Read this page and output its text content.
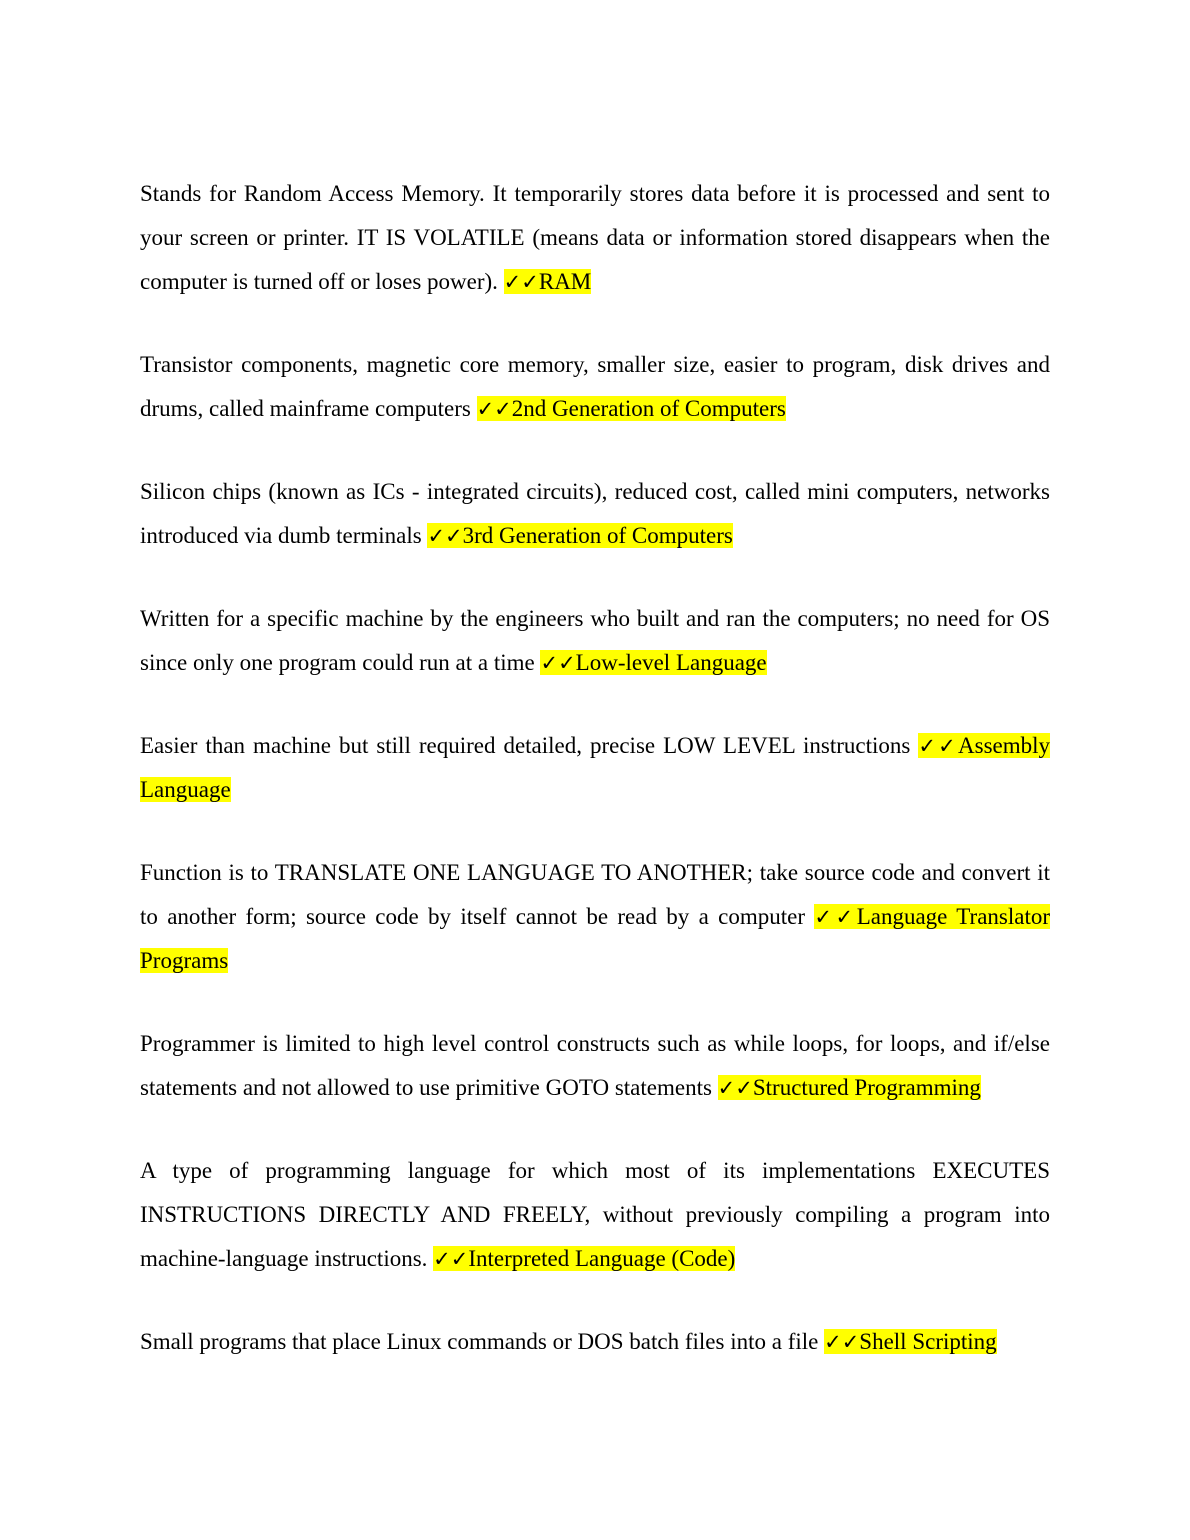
Stands for Random Access Memory. It temporarily stores data before it is processed and sent to your screen or printer. IT IS VOLATILE (means data or information stored disappears when the computer is turned off or loses power). ✓✓RAM

Transistor components, magnetic core memory, smaller size, easier to program, disk drives and drums, called mainframe computers ✓✓2nd Generation of Computers

Silicon chips (known as ICs - integrated circuits), reduced cost, called mini computers, networks introduced via dumb terminals ✓✓3rd Generation of Computers

Written for a specific machine by the engineers who built and ran the computers; no need for OS since only one program could run at a time ✓✓Low-level Language

Easier than machine but still required detailed, precise LOW LEVEL instructions ✓✓Assembly Language

Function is to TRANSLATE ONE LANGUAGE TO ANOTHER; take source code and convert it to another form; source code by itself cannot be read by a computer ✓✓Language Translator Programs

Programmer is limited to high level control constructs such as while loops, for loops, and if/else statements and not allowed to use primitive GOTO statements ✓✓Structured Programming

A type of programming language for which most of its implementations EXECUTES INSTRUCTIONS DIRECTLY AND FREELY, without previously compiling a program into machine-language instructions. ✓✓Interpreted Language (Code)

Small programs that place Linux commands or DOS batch files into a file ✓✓Shell Scripting
